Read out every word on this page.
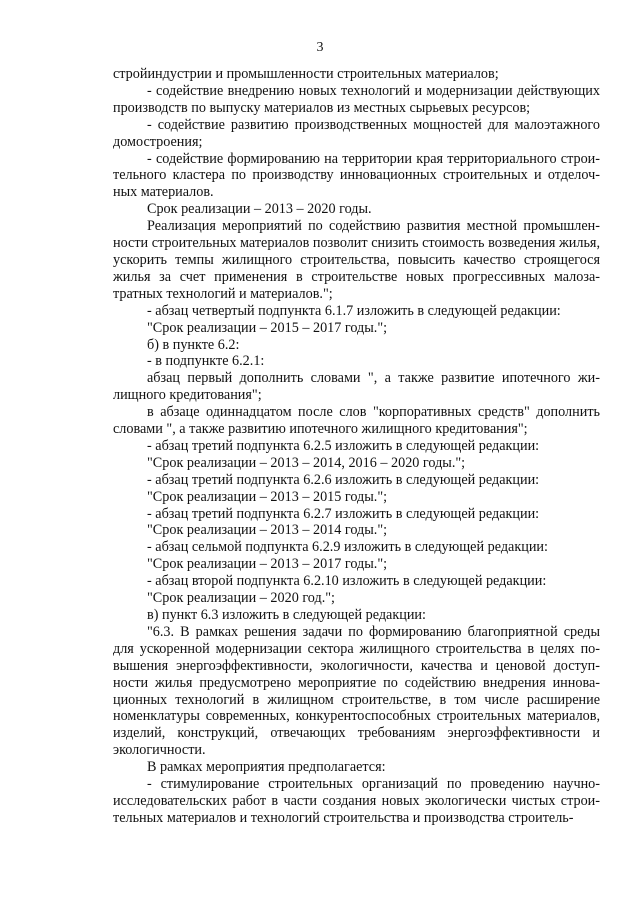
3

стройиндустрии и промышленности строительных материалов;

- содействие внедрению новых технологий и модернизации действующих производств по выпуску материалов из местных сырьевых ресурсов;

- содействие развитию производственных мощностей для малоэтажного домостроения;

- содействие формированию на территории края территориального строительного кластера по производству инновационных строительных и отделочных материалов.

Срок реализации – 2013 – 2020 годы.

Реализация мероприятий по содействию развития местной промышленности строительных материалов позволит снизить стоимость возведения жилья, ускорить темпы жилищного строительства, повысить качество строящегося жилья за счет применения в строительстве новых прогрессивных малозатратных технологий и материалов.";

- абзац четвертый подпункта 6.1.7 изложить в следующей редакции:

"Срок реализации – 2015 – 2017 годы.";

б) в пункте 6.2:

- в подпункте 6.2.1:

абзац первый дополнить словами ", а также развитие ипотечного жилищного кредитования";

в абзаце одиннадцатом после слов "корпоративных средств" дополнить словами ", а также развитию ипотечного жилищного кредитования";

- абзац третий подпункта 6.2.5 изложить в следующей редакции:

"Срок реализации – 2013 – 2014, 2016 – 2020 годы.";

- абзац третий подпункта 6.2.6 изложить в следующей редакции:

"Срок реализации – 2013 – 2015 годы.";

- абзац третий подпункта 6.2.7 изложить в следующей редакции:

"Срок реализации – 2013 – 2014 годы.";

- абзац сельмой подпункта 6.2.9 изложить в следующей редакции:

"Срок реализации – 2013 – 2017 годы.";

- абзац второй подпункта 6.2.10 изложить в следующей редакции:

"Срок реализации – 2020 год.";

в) пункт 6.3 изложить в следующей редакции:

"6.3. В рамках решения задачи по формированию благоприятной среды для ускоренной модернизации сектора жилищного строительства в целях повышения энергоэффективности, экологичности, качества и ценовой доступности жилья предусмотрено мероприятие по содействию внедрения инновационных технологий в жилищном строительстве, в том числе расширение номенклатуры современных, конкурентоспособных строительных материалов, изделий, конструкций, отвечающих требованиям энергоэффективности и экологичности.

В рамках мероприятия предполагается:

- стимулирование строительных организаций по проведению научноисследовательских работ в части создания новых экологически чистых строительных материалов и технологий строительства и производства строитель-
